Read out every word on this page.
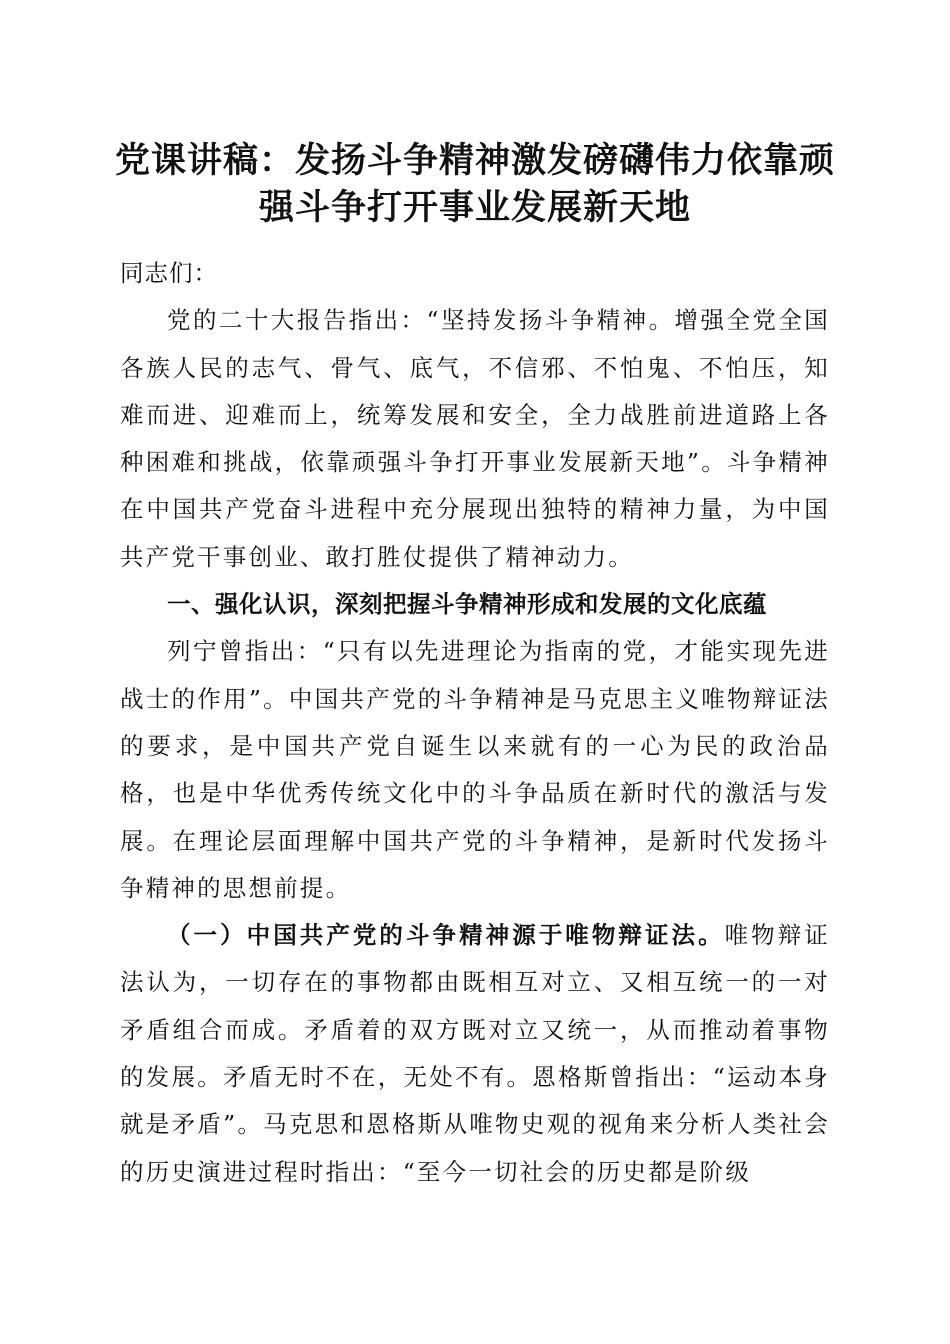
党课讲稿：发扬斗争精神激发磅礴伟力依靠顽
强斗争打开事业发展新天地

同志们：

党的二十大报告指出：“坚持发扬斗争精神。增强全党全国各族人民的志气、骨气、底气，不信邪、不怕鬼、不怕压，知难而进、迎难而上，统筹发展和安全，全力战胜前进道路上各种困难和挑战，依靠顽强斗争打开事业发展新天地”。斗争精神在中国共产党奋斗进程中充分展现出独特的精神力量，为中国共产党干事创业、敢打胜仗提供了精神动力。

一、强化认识，深刻把握斗争精神形成和发展的文化底蕴

列宁曾指出：“只有以先进理论为指南的党，才能实现先进战士的作用”。中国共产党的斗争精神是马克思主义唯物辩证法的要求，是中国共产党自诞生以来就有的一心为民的政治品格，也是中华优秀传统文化中的斗争品质在新时代的激活与发展。在理论层面理解中国共产党的斗争精神，是新时代发扬斗争精神的思想前提。

（一）中国共产党的斗争精神源于唯物辩证法。唯物辩证法认为，一切存在的事物都由既相互对立、又相互统一的一对矛盾组合而成。矛盾着的双方既对立又统一，从而推动着事物的发展。矛盾无时不在，无处不有。恩格斯曾指出：“运动本身就是矛盾”。马克思和恩格斯从唯物史观的视角来分析人类社会的历史演进过程时指出：“至今一切社会的历史都是阶级
